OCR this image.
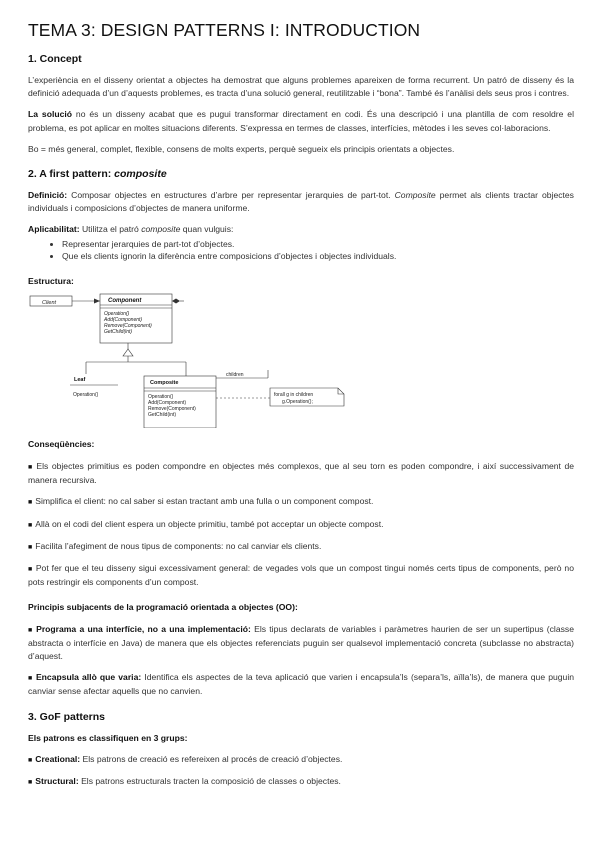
TEMA 3: DESIGN PATTERNS I: INTRODUCTION
1. Concept

L’experiència en el disseny orientat a objectes ha demostrat que alguns problemes apareixen de forma recurrent. Un patró de disseny és la definició adequada d’un d’aquests problemes, es tracta d’una solució general, reutilitzable i “bona”. També és l’anàlisi dels seus pros i contres.

La solució no és un disseny acabat que es pugui transformar directament en codi. És una descripció i una plantilla de com resoldre el problema, es pot aplicar en moltes situacions diferents. S’expressa en termes de classes, interfícies, mètodes i les seves col·laboracions.

Bo = més general, complet, flexible, consens de molts experts, perquè segueix els principis orientats a objectes.

2. A first pattern: composite

Definició: Composar objectes en estructures d’arbre per representar jerarquies de part-tot. Composite permet als clients tractar objectes individuals i composicions d’objectes de manera uniforme.

Aplicabilitat: Utilitza el patró composite quan vulguis:

• Representar jerarquies de part-tot d’objectes.
• Que els clients ignorin la diferència entre composicions d’objectes i objectes individuals.

Estructura:

Client	Component
Operation()
Add(Component)
Remove(Component)
GetChild(int)
Leaf
Operation()
Composite
Operation()
Add(Component)
Remove(Component)
GetChild(int)
children
forall g in children
g.Operation();

Conseqüències:

■ Els objectes primitius es poden compondre en objectes més complexos, que al seu torn es poden compondre, i així successivament de manera recursiva.

■ Simplifica el client: no cal saber si estan tractant amb una fulla o un component compost.

■ Allà on el codi del client espera un objecte primitiu, també pot acceptar un objecte compost.

■ Facilita l’afegiment de nous tipus de components: no cal canviar els clients.

■ Pot fer que el teu disseny sigui excessivament general: de vegades vols que un compost tingui només certs tipus de components, però no pots restringir els components d’un compost.

Principis subjacents de la programació orientada a objectes (OO):

■ Programa a una interfície, no a una implementació: Els tipus declarats de variables i paràmetres haurien de ser un supertipus (classe abstracta o interfície en Java) de manera que els objectes referenciats puguin ser qualsevol implementació concreta (subclasse no abstracta) d’aquest.

■ Encapsula allò que varia: Identifica els aspectes de la teva aplicació que varien i encapsula’ls (separa’ls, aïlla’ls), de manera que puguin canviar sense afectar aquells que no canvien.

3. GoF patterns

Els patrons es classifiquen en 3 grups:

■ Creational: Els patrons de creació es refereixen al procés de creació d’objectes.

■ Structural: Els patrons estructurals tracten la composició de classes o objectes.
